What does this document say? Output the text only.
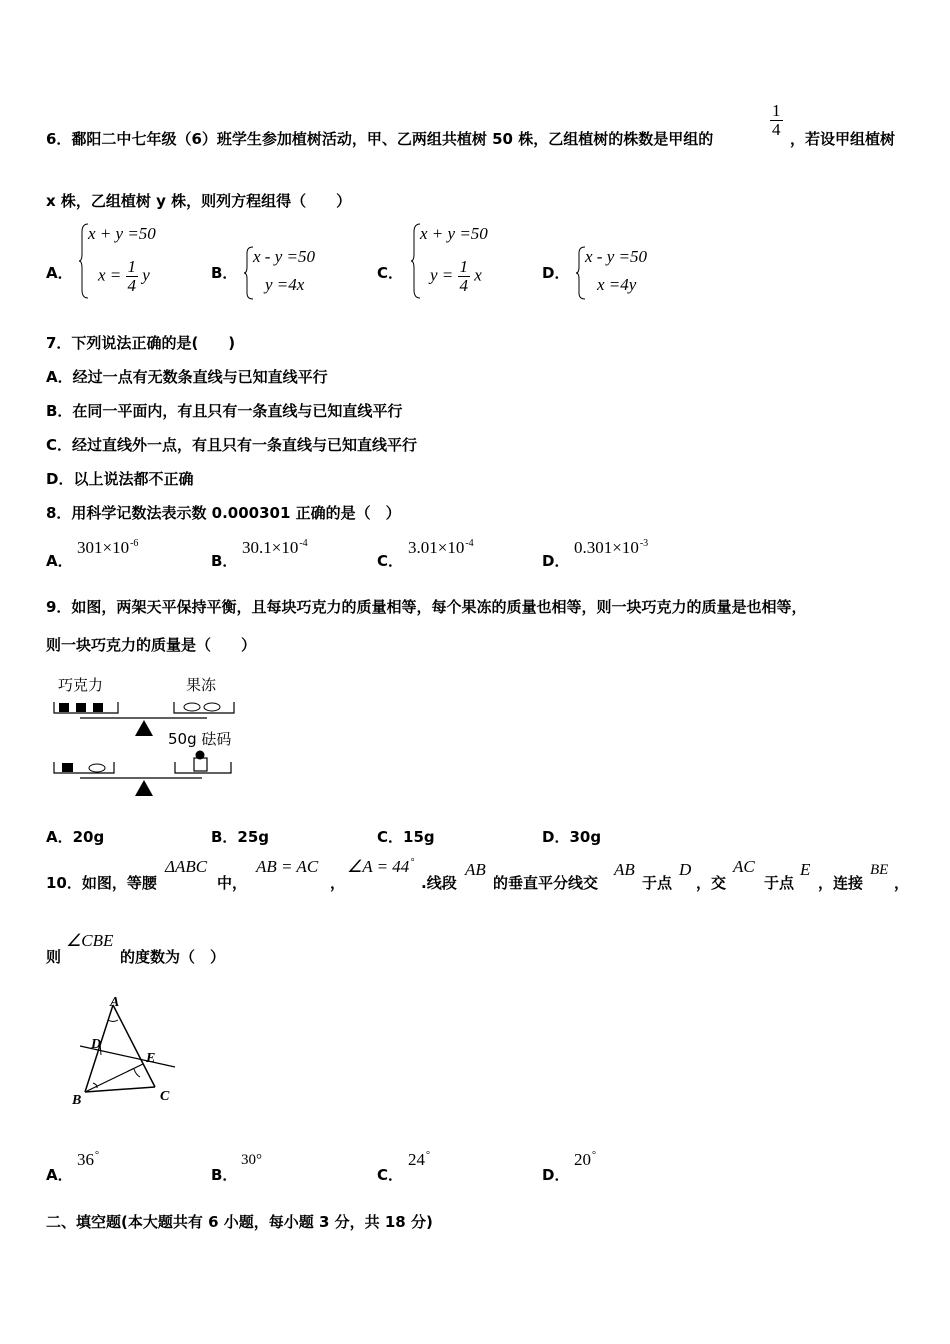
6．鄱阳二中七年级（6）班学生参加植树活动，甲、乙两组共植树 50 株，乙组植树的株数是甲组的	$\frac{1}{4}$ ，若设甲组植树
x 株，乙组植树 y 株，则列方程组得（　　）
A．
x + y =50
$x = \frac{1}{4}$ y	B．
x - y =50
y =4x
C．
x + y =50
$y = \frac{1}{4}$ x	D．
x - y =50
x =4y
7．下列说法正确的是(　　)
A．经过一点有无数条直线与已知直线平行
B．在同一平面内，有且只有一条直线与已知直线平行
C．经过直线外一点，有且只有一条直线与已知直线平行
D．以上说法都不正确
8．用科学记数法表示数 0.000301 正确的是（　）
A．
$301\times 10^{-6}$
B．
$30.1\times 10^{-4}$
C．
$3.01\times 10^{-4}$
D．
$0.301\times 10^{-3}$
9．如图，两架天平保持平衡，且每块巧克力的质量相等，每个果冻的质量也相等，则一块巧克力的质量是也相等，
则一块巧克力的质量是（　　）
巧克力	果冻
50g 砝码
A．20g	B．25g	C．15g	D．30g
10．如图，等腰
ΔABC
中，
AB = AC
，
∠A = 44°
.线段
AB
的垂直平分线交
AB
于点
D
，交
AC
于点
E
，连接
BE
，
则
∠CBE
的度数为（　）
A
D
E
B	C
A．
36°
B．
30°
C．
24°
D．
20°
二、填空题(本大题共有 6 小题，每小题 3 分，共 18 分)
